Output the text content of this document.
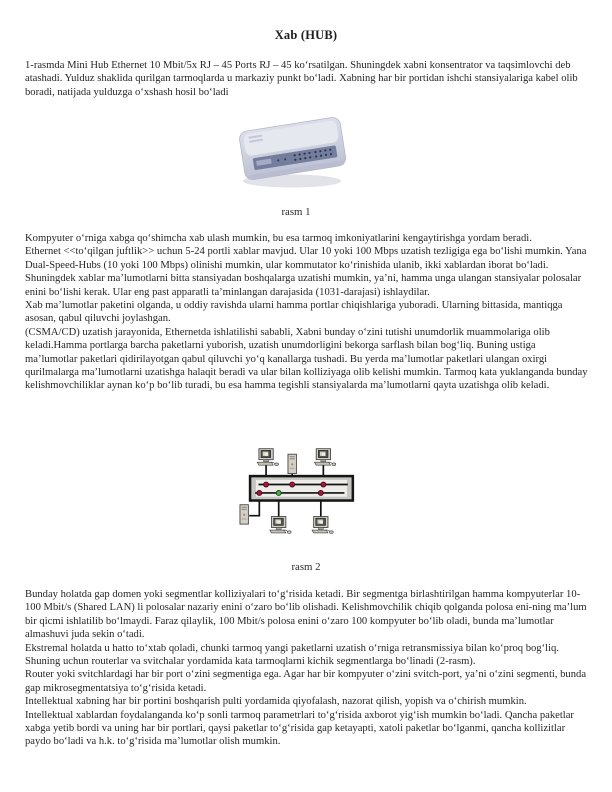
Xab (HUB)

1-rasmda Mini Hub Ethernet 10 Mbit/5x RJ – 45 Ports RJ – 45 ko‘rsatilgan. Shuningdek xabni konsentrator va taqsimlovchi deb atashadi. Yulduz shaklida qurilgan tarmoqlarda u markaziy punkt bo‘ladi. Xabning har bir portidan ishchi stansiyalariga kabel olib boradi, natijada yulduzga o‘xshash hosil bo‘ladi

rasm 1

Kompyuter o‘rniga xabga qo‘shimcha xab ulash mumkin, bu esa tarmoq imkoniyatlarini kengaytirishga yordam beradi.

Ethernet <<to‘qilgan juftlik>> uchun 5-24 portli xablar mavjud. Ular 10 yoki 100 Mbps uzatish tezligiga ega bo‘lishi mumkin. Yana Dual-Speed-Hubs (10 yoki 100 Mbps) olinishi mumkin, ular kommutator ko‘rinishida ulanib, ikki xablardan iborat bo‘ladi.

Shuningdek xablar ma’lumotlarni bitta stansiyadan boshqalarga uzatishi mumkin, ya’ni, hamma unga ulangan stansiyalar polosalar enini bo‘lishi kerak. Ular eng past apparatli ta’minlangan darajasida (1031-darajasi) ishlaydilar.

Xab ma’lumotlar paketini olganda, u oddiy ravishda ularni hamma portlar chiqishlariga yuboradi. Ularning bittasida, mantiqga asosan, qabul qiluvchi joylashgan.

(CSMA/CD) uzatish jarayonida, Ethernetda ishlatilishi sababli, Xabni bunday o‘zini tutishi unumdorlik muammolariga olib keladi.Hamma portlarga barcha paketlarni yuborish, uzatish unumdorligini bekorga sarflash bilan bog‘liq. Buning ustiga ma’lumotlar paketlari qidirilayotgan qabul qiluvchi yo‘q kanallarga tushadi. Bu yerda ma’lumotlar paketlari ulangan oxirgi qurilmalarga ma’lumotlarni uzatishga halaqit beradi va ular bilan kolliziyaga olib kelishi mumkin. Tarmoq kata yuklanganda bunday kelishmovchiliklar aynan ko‘p bo‘lib turadi, bu esa hamma tegishli stansiyalarda ma’lumotlarni qayta uzatishga olib keladi.

rasm 2

Bunday holatda gap domen yoki segmentlar kolliziyalari to‘g‘risida ketadi. Bir segmentga birlashtirilgan hamma kompyuterlar 10-100 Mbit/s (Shared LAN) li polosalar nazariy enini o‘zaro bo‘lib olishadi. Kelishmovchilik chiqib qolganda polosa eni-ning ma’lum bir qicmi ishlatilib bo‘lmaydi. Faraz qilaylik, 100 Mbit/s polosa enini o‘zaro 100 kompyuter bo‘lib oladi, bunda ma’lumotlar almashuvi juda sekin o‘tadi.

Ekstremal holatda u hatto to‘xtab qoladi, chunki tarmoq yangi paketlarni uzatish o‘rniga retransmissiya bilan ko‘proq bog‘liq. Shuning uchun routerlar va svitchalar yordamida kata tarmoqlarni kichik segmentlarga bo‘linadi (2-rasm).

Router yoki svitchlardagi har bir port o‘zini segmentiga ega. Agar har bir kompyuter o‘zini svitch-port, ya’ni o‘zini segmenti, bunda gap mikrosegmentatsiya to‘g‘risida ketadi.

Intellektual xabning har bir portini boshqarish pulti yordamida qiyofalash, nazorat qilish, yopish va o‘chirish mumkin.

Intellektual xablardan foydalanganda ko‘p sonli tarmoq parametrlari to‘g‘risida axborot yig‘ish mumkin bo‘ladi. Qancha paketlar xabga yetib bordi va uning har bir portlari, qaysi paketlar to‘g‘risida gap ketayapti, xatoli paketlar bo‘lganmi, qancha kollizitlar paydo bo‘ladi va h.k. to‘g‘risida ma’lumotlar olish mumkin.
